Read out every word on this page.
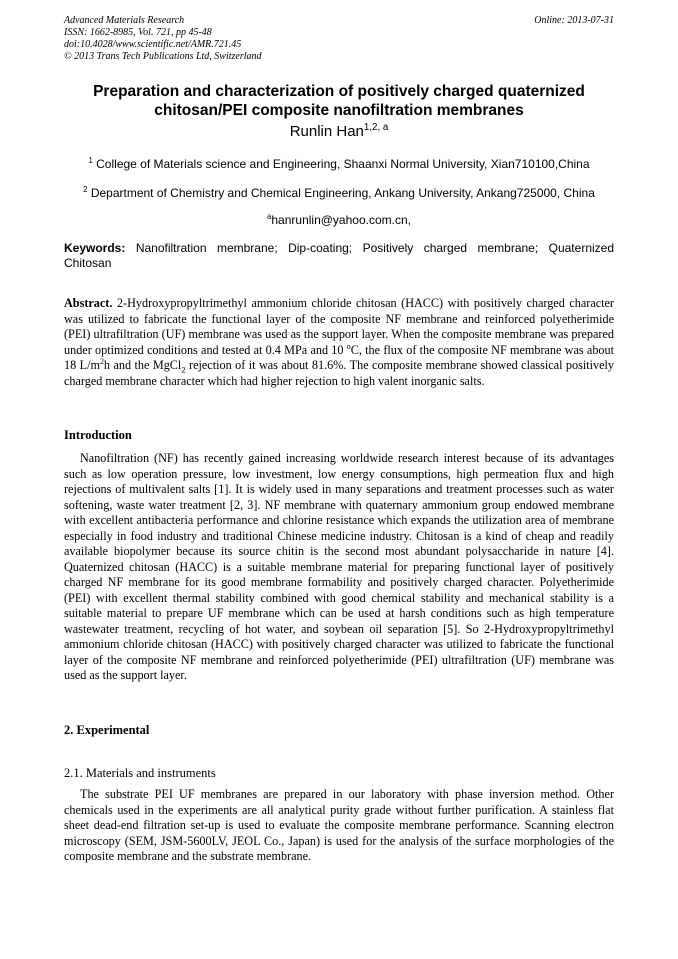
Advanced Materials Research
ISSN: 1662-8985, Vol. 721, pp 45-48
doi:10.4028/www.scientific.net/AMR.721.45
© 2013 Trans Tech Publications Ltd, Switzerland
Online: 2013-07-31
Preparation and characterization of positively charged quaternized
chitosan/PEI composite nanofiltration membranes
Runlin Han$^{1,2, a}$
$^1$ College of Materials science and Engineering, Shaanxi Normal University, Xian710100,China
$^2$ Department of Chemistry and Chemical Engineering, Ankang University, Ankang725000, China
$^a$hanrunlin@yahoo.com.cn,
Keywords: Nanofiltration membrane; Dip-coating; Positively charged membrane; Quaternized Chitosan
Abstract. 2-Hydroxypropyltrimethyl ammonium chloride chitosan (HACC) with positively charged character was utilized to fabricate the functional layer of the composite NF membrane and reinforced polyetherimide (PEI) ultrafiltration (UF) membrane was used as the support layer. When the composite membrane was prepared under optimized conditions and tested at 0.4 MPa and 10 $^o$C, the flux of the composite NF membrane was about 18 $L/m^2h$ and the MgCl$_2$ rejection of it was about 81.6%. The composite membrane showed classical positively charged membrane character which had higher rejection to high valent inorganic salts.
Introduction
Nanofiltration (NF) has recently gained increasing worldwide research interest because of its advantages such as low operation pressure, low investment, low energy consumptions, high permeation flux and high rejections of multivalent salts [1]. It is widely used in many separations and treatment processes such as water softening, waste water treatment [2, 3]. NF membrane with quaternary ammonium group endowed membrane with excellent antibacteria performance and chlorine resistance which expands the utilization area of membrane especially in food industry and traditional Chinese medicine industry. Chitosan is a kind of cheap and readily available biopolymer because its source chitin is the second most abundant polysaccharide in nature [4]. Quaternized chitosan (HACC) is a suitable membrane material for preparing functional layer of positively charged NF membrane for its good membrane formability and positively charged character. Polyetherimide (PEI) with excellent thermal stability combined with good chemical stability and mechanical stability is a suitable material to prepare UF membrane which can be used at harsh conditions such as high temperature wastewater treatment, recycling of hot water, and soybean oil separation [5]. So 2-Hydroxypropyltrimethyl ammonium chloride chitosan (HACC) with positively charged character was utilized to fabricate the functional layer of the composite NF membrane and reinforced polyetherimide (PEI) ultrafiltration (UF) membrane was used as the support layer.
2. Experimental
2.1. Materials and instruments
The substrate PEI UF membranes are prepared in our laboratory with phase inversion method. Other chemicals used in the experiments are all analytical purity grade without further purification. A stainless flat sheet dead-end filtration set-up is used to evaluate the composite membrane performance. Scanning electron microscopy (SEM, JSM-5600LV, JEOL Co., Japan) is used for the analysis of the surface morphologies of the composite membrane and the substrate membrane.
